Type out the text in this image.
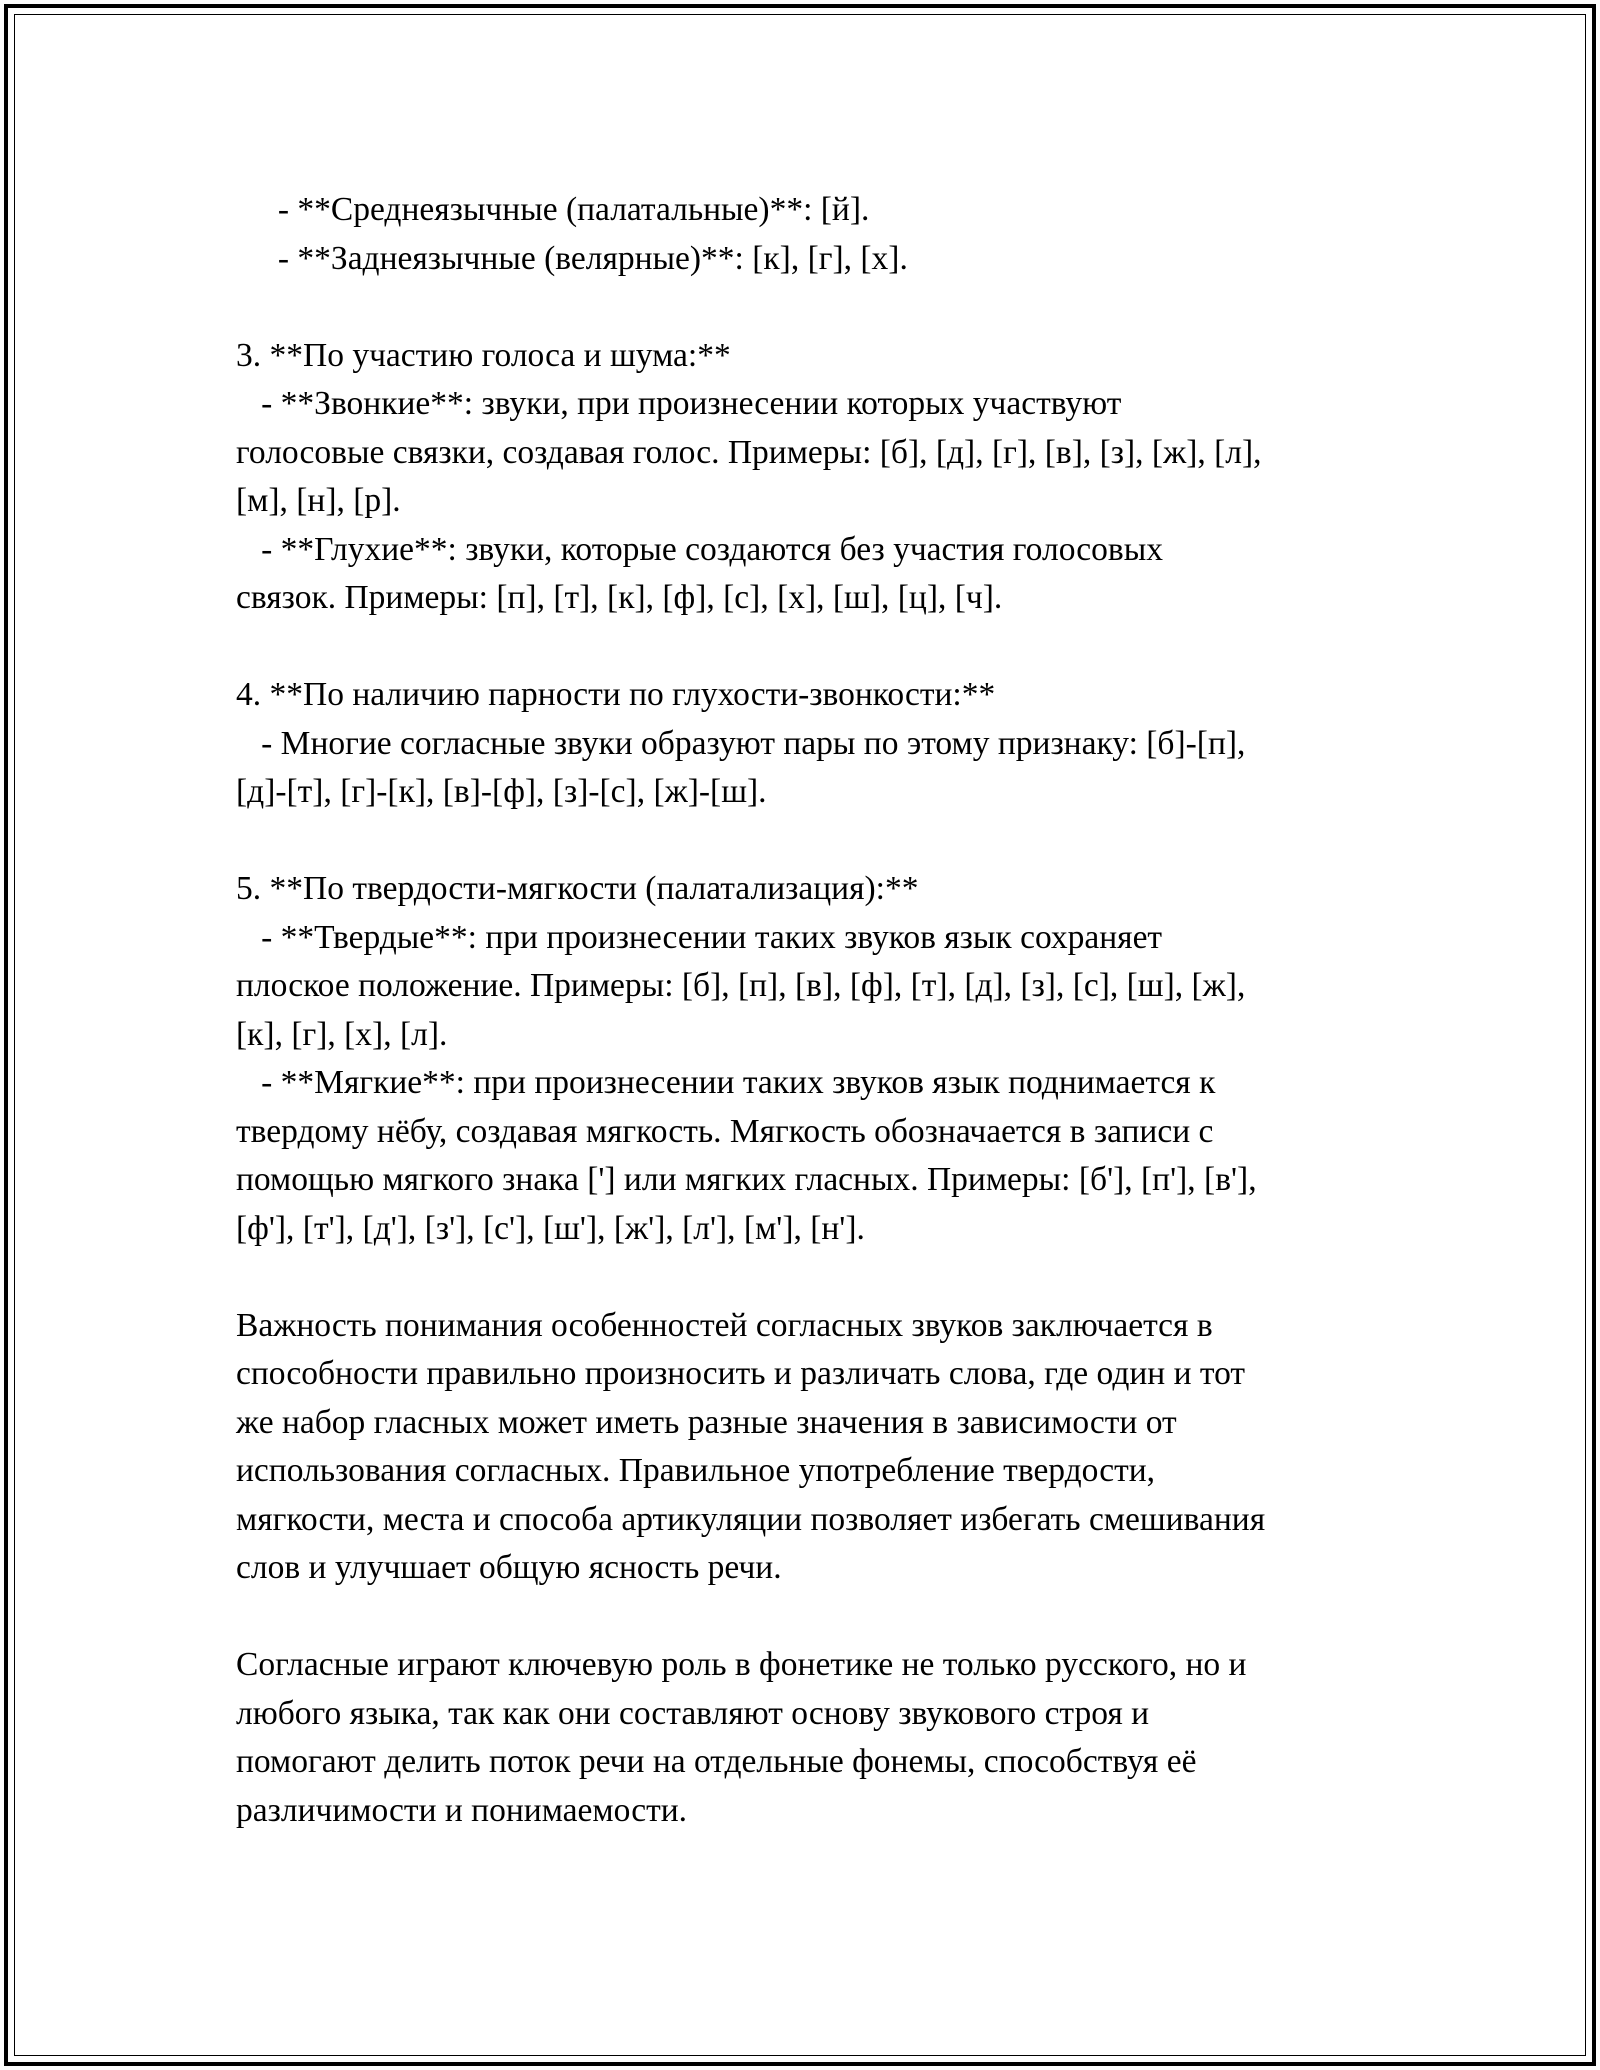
- **Среднеязычные (палатальные)**: [й].
- **Заднеязычные (велярные)**: [к], [г], [х].
3. **По участию голоса и шума:**
- **Звонкие**: звуки, при произнесении которых участвуют
голосовые связки, создавая голос. Примеры: [б], [д], [г], [в], [з], [ж], [л],
[м], [н], [р].
- **Глухие**: звуки, которые создаются без участия голосовых
связок. Примеры: [п], [т], [к], [ф], [с], [х], [ш], [ц], [ч].
4. **По наличию парности по глухости-звонкости:**
- Многие согласные звуки образуют пары по этому признаку: [б]-[п],
[д]-[т], [г]-[к], [в]-[ф], [з]-[с], [ж]-[ш].
5. **По твердости-мягкости (палатализация):**
- **Твердые**: при произнесении таких звуков язык сохраняет
плоское положение. Примеры: [б], [п], [в], [ф], [т], [д], [з], [с], [ш], [ж],
[к], [г], [х], [л].
- **Мягкие**: при произнесении таких звуков язык поднимается к
твердому нёбу, создавая мягкость. Мягкость обозначается в записи с
помощью мягкого знака ['] или мягких гласных. Примеры: [б'], [п'], [в'],
[ф'], [т'], [д'], [з'], [с'], [ш'], [ж'], [л'], [м'], [н'].
Важность понимания особенностей согласных звуков заключается в
способности правильно произносить и различать слова, где один и тот
же набор гласных может иметь разные значения в зависимости от
использования согласных. Правильное употребление твердости,
мягкости, места и способа артикуляции позволяет избегать смешивания
слов и улучшает общую ясность речи.
Согласные играют ключевую роль в фонетике не только русского, но и
любого языка, так как они составляют основу звукового строя и
помогают делить поток речи на отдельные фонемы, способствуя её
различимости и понимаемости.
